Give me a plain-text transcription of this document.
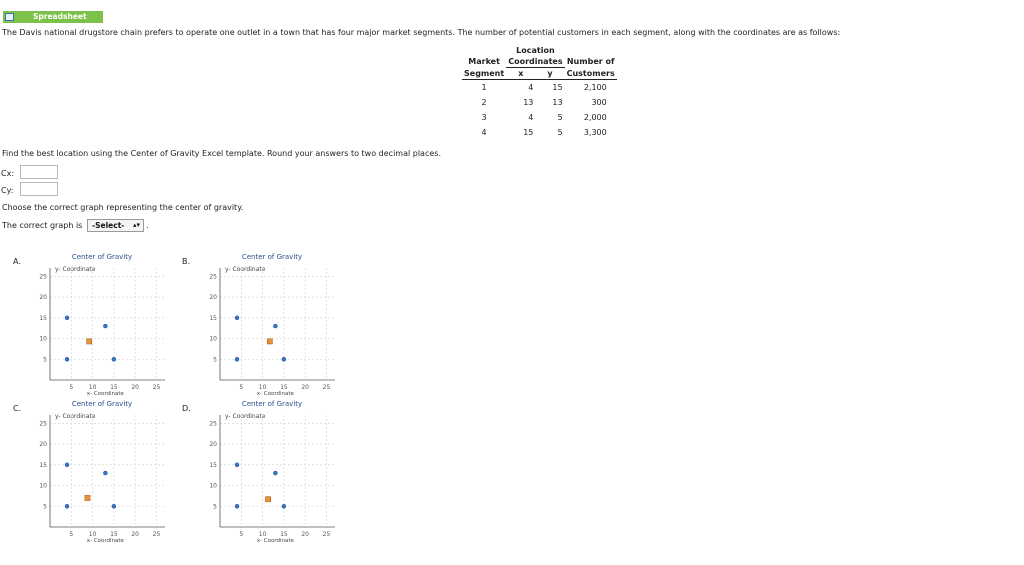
Spreadsheet
The Davis national drugstore chain prefers to operate one outlet in a town that has four major market segments. The number of potential customers in each segment, along with the coordinates are as follows:
	Location		
Market	Coordinates		Number of
Segment	x	y	Customers
1	4	15	2,100
2	13	13	300
3	4	5	2,000
4	15	5	3,300
Find the best location using the Center of Gravity Excel template. Round your answers to two decimal places.
Cx:
Cy:
Choose the correct graph representing the center of gravity.
The correct graph is	-Select- ▴▾ .
A.	B.
C.	D.
Center of Gravity
y- Coordinate
5
5
10
10
15
15
20
20
25
25
x- Coordinate
Center of Gravity
y- Coordinate
5
5
10
10
15
15
20
20
25
25
x- Coordinate
Center of Gravity
y- Coordinate
5
5
10
10
15
15
20
20
25
25
x- Coordinate
Center of Gravity
y- Coordinate
5
5
10
10
15
15
20
20
25
25
x- Coordinate
